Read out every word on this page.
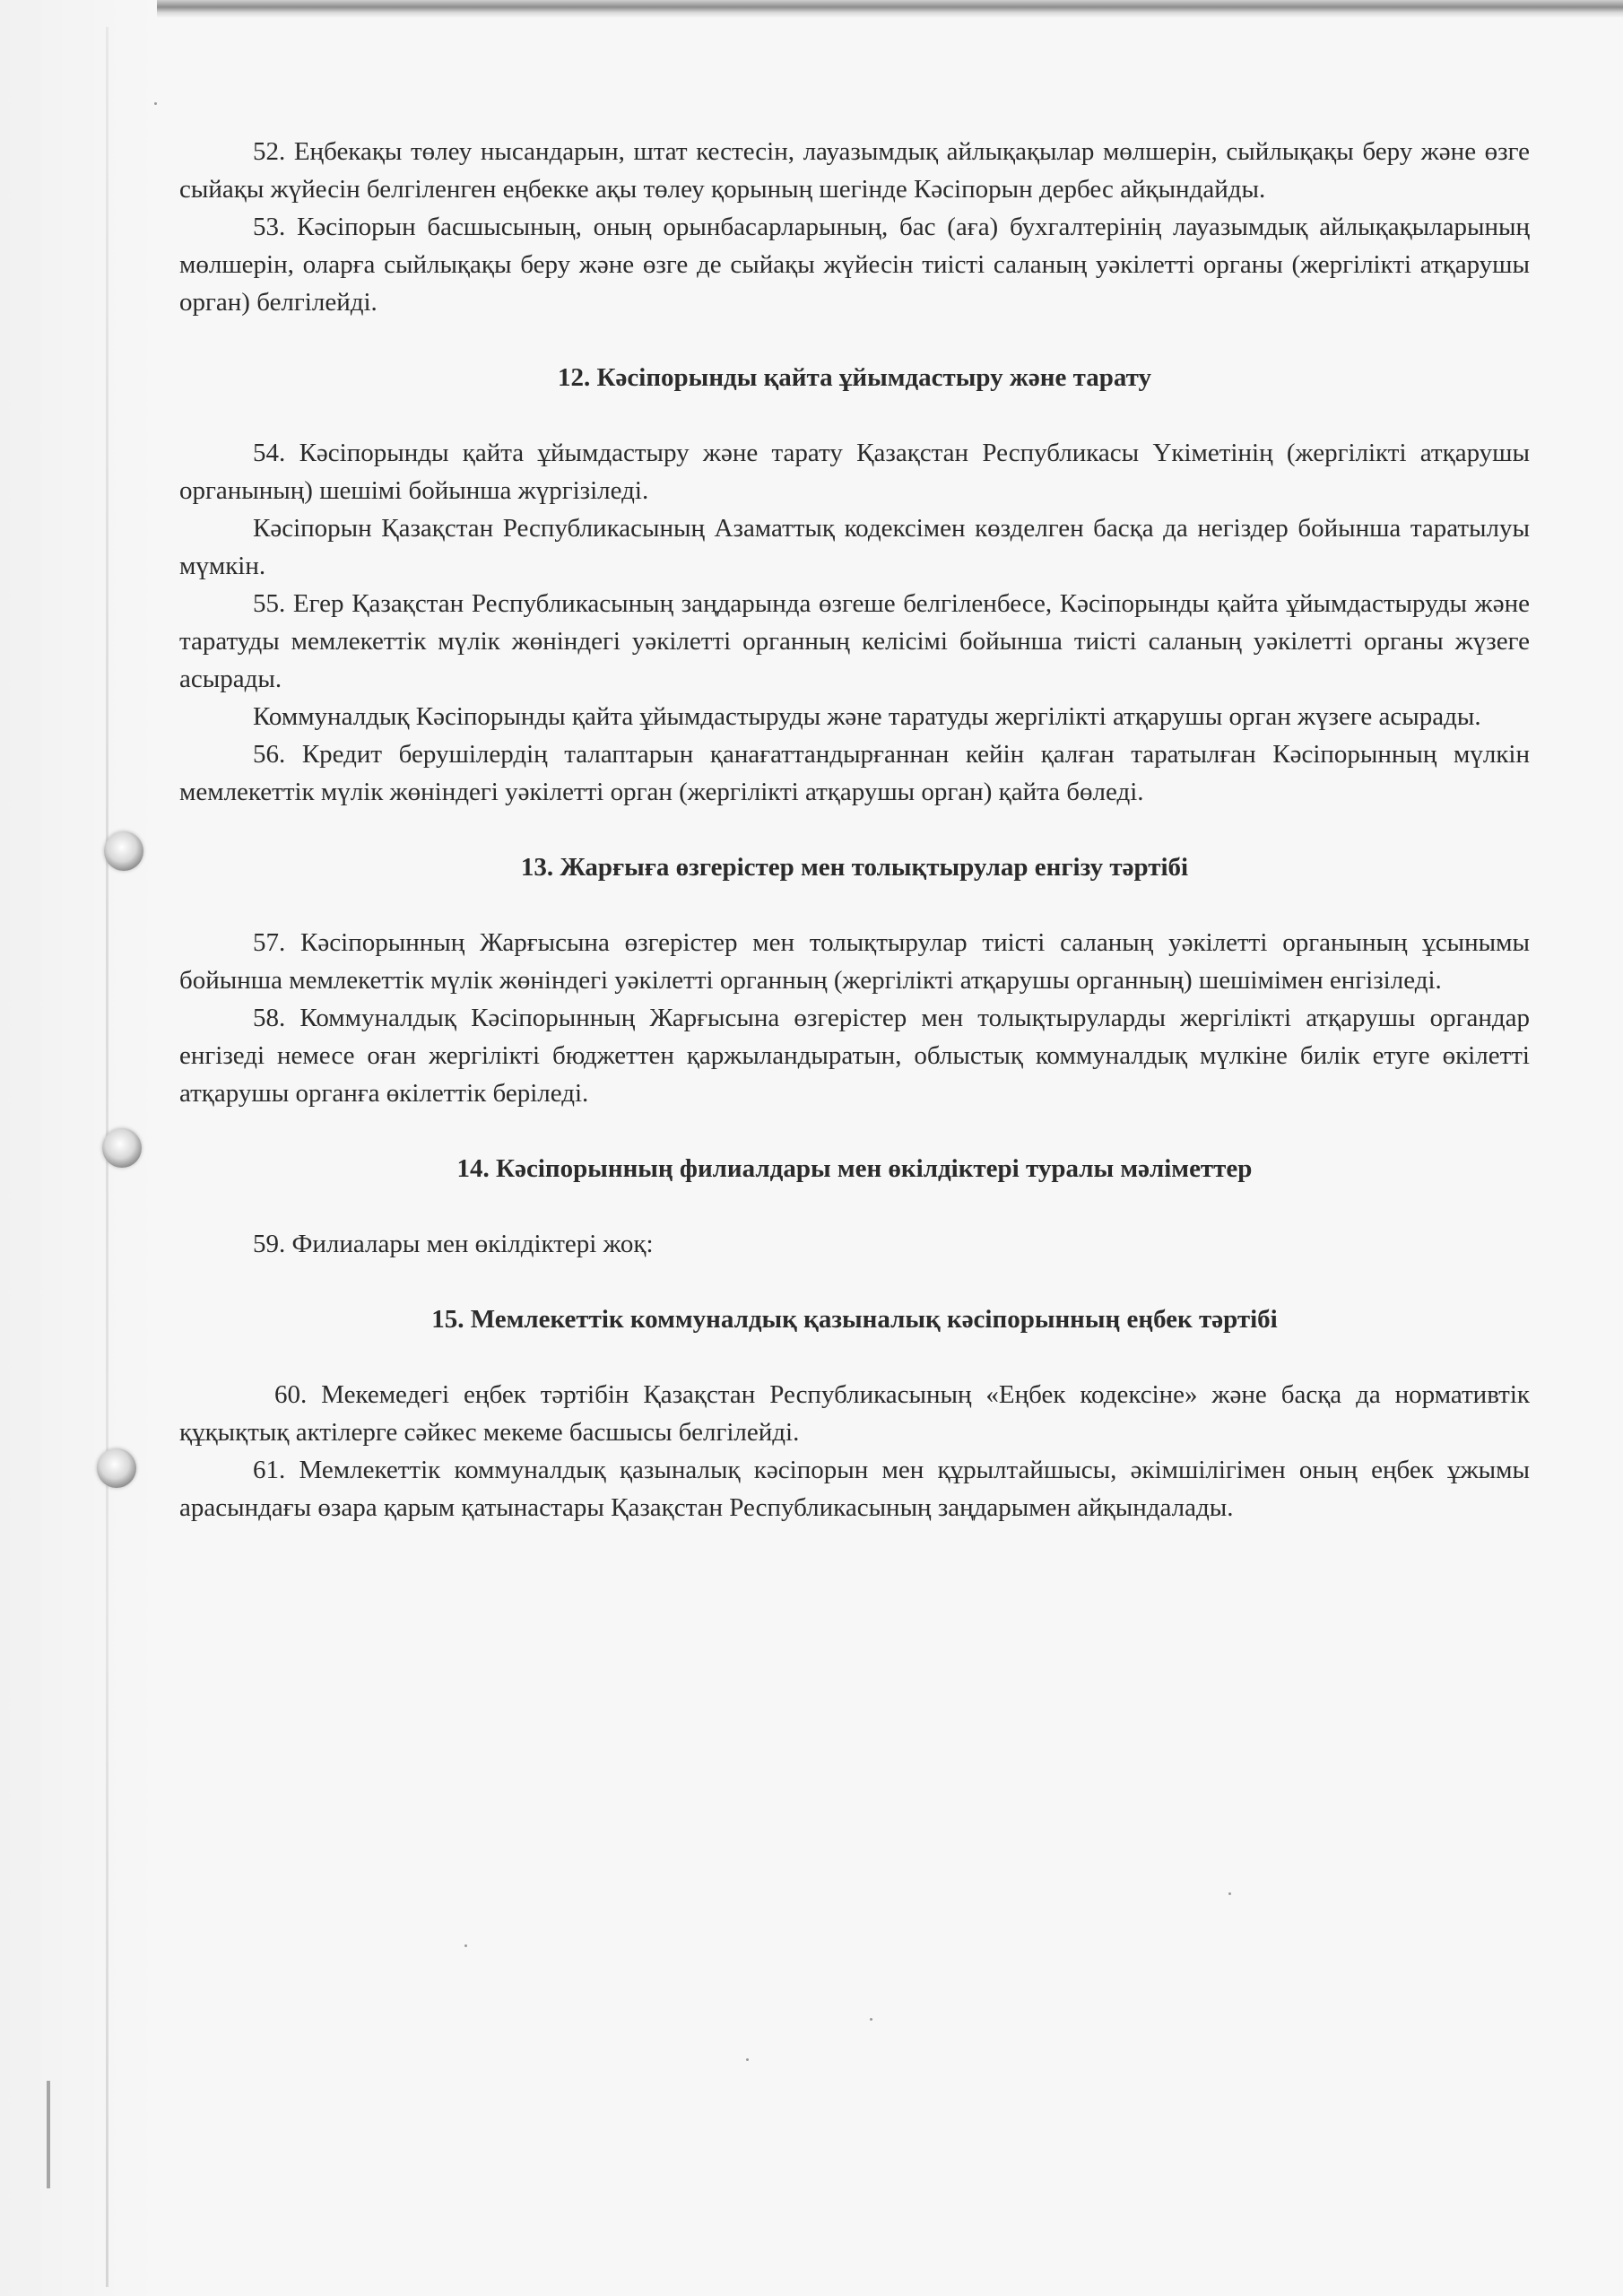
52. Еңбекақы төлеу нысандарын, штат кестесін, лауазымдық айлықақылар мөлшерін, сыйлықақы беру және өзге сыйақы жүйесін белгіленген еңбекке ақы төлеу қорының шегінде Кәсіпорын дербес айқындайды.

53. Кәсіпорын басшысының, оның орынбасарларының, бас (аға) бухгалтерінің лауазымдық айлықақыларының мөлшерін, оларға сыйлықақы беру және өзге де сыйақы жүйесін тиісті саланың уәкілетті органы (жергілікті атқарушы орган) белгілейді.

12. Кәсіпорынды қайта ұйымдастыру және тарату

54. Кәсіпорынды қайта ұйымдастыру және тарату Қазақстан Республикасы Үкіметінің (жергілікті атқарушы органының) шешімі бойынша жүргізіледі.

Кәсіпорын Қазақстан Республикасының Азаматтық кодексімен көзделген басқа да негіздер бойынша таратылуы мүмкін.

55. Егер Қазақстан Республикасының заңдарында өзгеше белгіленбесе, Кәсіпорынды қайта ұйымдастыруды және таратуды мемлекеттік мүлік жөніндегі уәкілетті органның келісімі бойынша тиісті саланың уәкілетті органы жүзеге асырады.

Коммуналдық Кәсіпорынды қайта ұйымдастыруды және таратуды жергілікті атқарушы орган жүзеге асырады.

56. Кредит берушілердің талаптарын қанағаттандырғаннан кейін қалған таратылған Кәсіпорынның мүлкін мемлекеттік мүлік жөніндегі уәкілетті орган (жергілікті атқарушы орган) қайта бөледі.

13. Жарғыға өзгерістер мен толықтырулар енгізу тәртібі

57. Кәсіпорынның Жарғысына өзгерістер мен толықтырулар тиісті саланың уәкілетті органының ұсынымы бойынша мемлекеттік мүлік жөніндегі уәкілетті органның (жергілікті атқарушы органның) шешімімен енгізіледі.

58. Коммуналдық Кәсіпорынның Жарғысына өзгерістер мен толықтыруларды жергілікті атқарушы органдар енгізеді немесе оған жергілікті бюджеттен қаржыландыратын, облыстық коммуналдық мүлкіне билік етуге өкілетті атқарушы органға өкілеттік беріледі.

14. Кәсіпорынның филиалдары мен өкілдіктері туралы мәліметтер

59. Филиалары мен өкілдіктері жоқ:

15. Мемлекеттік коммуналдық қазыналық кәсіпорынның еңбек тәртібі

60. Мекемедегі еңбек тәртібін Қазақстан Республикасының «Еңбек кодексіне» және басқа да нормативтік құқықтық актілерге сәйкес мекеме басшысы белгілейді.

61. Мемлекеттік коммуналдық қазыналық кәсіпорын мен құрылтайшысы, әкімшілігімен оның еңбек ұжымы арасындағы өзара қарым қатынастары Қазақстан Республикасының заңдарымен айқындалады.
